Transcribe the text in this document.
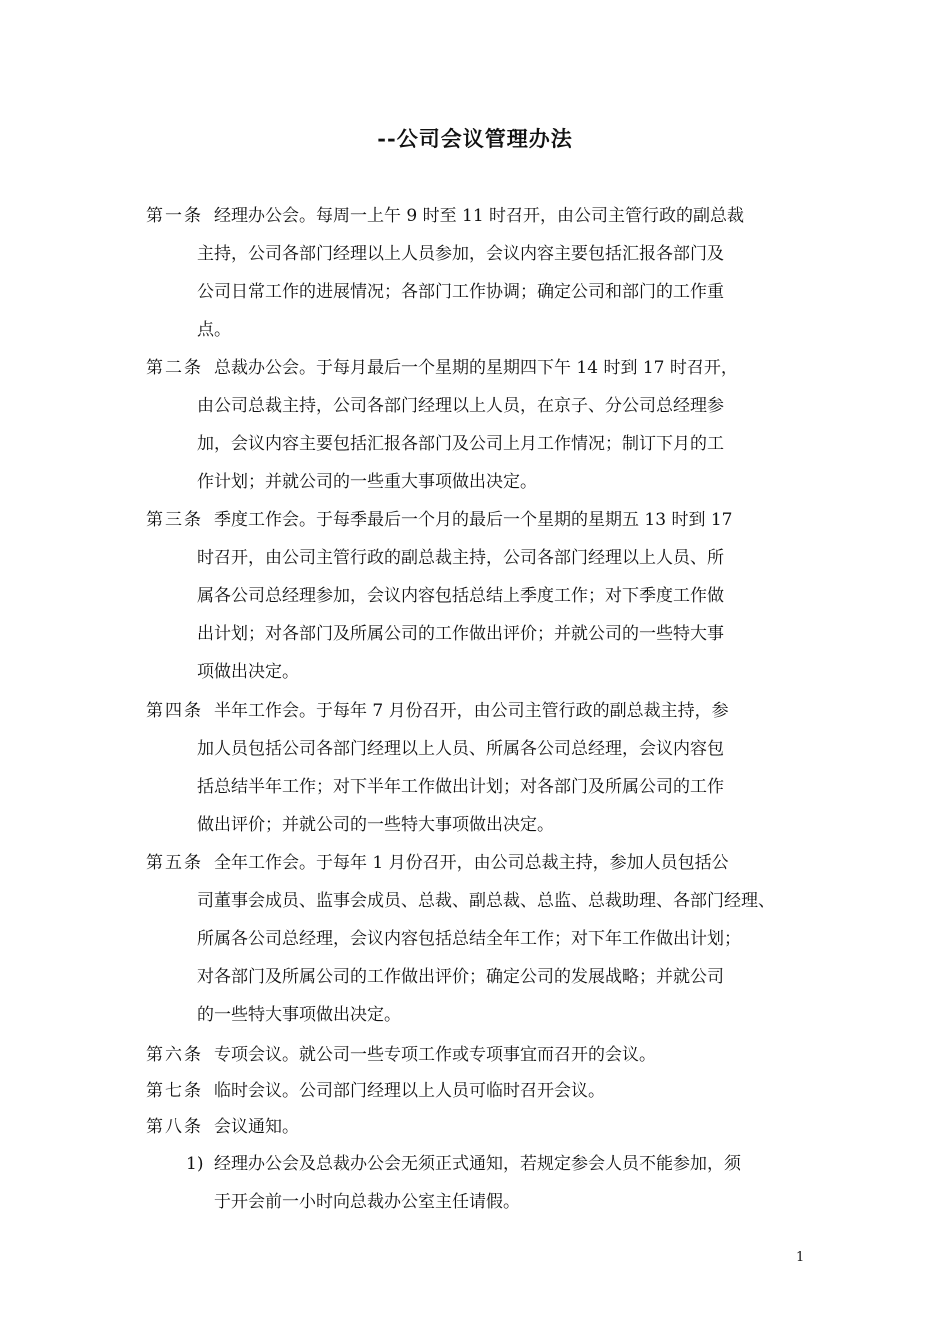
--公司会议管理办法
第一条 经理办公会。每周一上午 9 时至 11 时召开，由公司主管行政的副总裁
主持，公司各部门经理以上人员参加，会议内容主要包括汇报各部门及
公司日常工作的进展情况；各部门工作协调；确定公司和部门的工作重
点。
第二条 总裁办公会。于每月最后一个星期的星期四下午 14 时到 17 时召开，
由公司总裁主持，公司各部门经理以上人员，在京子、分公司总经理参
加，会议内容主要包括汇报各部门及公司上月工作情况；制订下月的工
作计划；并就公司的一些重大事项做出决定。
第三条 季度工作会。于每季最后一个月的最后一个星期的星期五 13 时到 17
时召开，由公司主管行政的副总裁主持，公司各部门经理以上人员、所
属各公司总经理参加，会议内容包括总结上季度工作；对下季度工作做
出计划；对各部门及所属公司的工作做出评价；并就公司的一些特大事
项做出决定。
第四条 半年工作会。于每年 7 月份召开，由公司主管行政的副总裁主持，参
加人员包括公司各部门经理以上人员、所属各公司总经理，会议内容包
括总结半年工作；对下半年工作做出计划；对各部门及所属公司的工作
做出评价；并就公司的一些特大事项做出决定。
第五条 全年工作会。于每年 1 月份召开，由公司总裁主持，参加人员包括公
司董事会成员、监事会成员、总裁、副总裁、总监、总裁助理、各部门经理、
所属各公司总经理，会议内容包括总结全年工作；对下年工作做出计划；
对各部门及所属公司的工作做出评价；确定公司的发展战略；并就公司
的一些特大事项做出决定。
第六条 专项会议。就公司一些专项工作或专项事宜而召开的会议。
第七条 临时会议。公司部门经理以上人员可临时召开会议。
第八条 会议通知。
1) 经理办公会及总裁办公会无须正式通知，若规定参会人员不能参加，须
于开会前一小时向总裁办公室主任请假。
1
